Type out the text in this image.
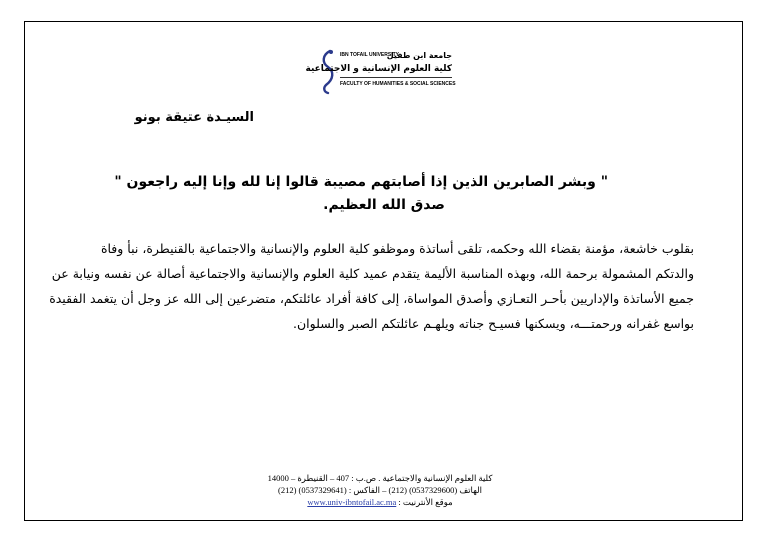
جامعة ابن طفيل
IBN TOFAIL UNIVERSITY
كلية العلوم الإنسانية و الاجتماعية
FACULTY OF HUMANITIES & SOCIAL SCIENCES
السيـدة عتيقة بونو
" وبشر الصابرين الذين إذا أصابتهم مصيبة قالوا إنا لله وإنا إليه راجعون "
صدق الله العظيم.
بقلوب خاشعة، مؤمنة بقضاء الله وحكمه، تلقى أساتذة وموظفو كلية العلوم والإنسانية والاجتماعية بالقنيطرة، نبأ وفاة
والدتكم المشمولة برحمة الله، وبهذه المناسبة الأليمة يتقدم عميد كلية العلوم والإنسانية والاجتماعية أصالة عن نفسه ونيابة عن
جميع الأساتذة والإداريين بأحـر التعـازي وأصدق المواساة، إلى كافة أفراد عائلتكم، متضرعين إلى الله عز وجل أن يتغمد الفقيدة
بواسع غفرانه ورحمتـــه، ويسكنها فسيـح جناته ويلهـم عائلتكم الصبر والسلوان.
كلية العلوم الإنسانية والاجتماعية . ص.ب : 407 – القنيطرة – 14000
الهاتف (0537329600) (212) – الفاكس : (0537329641) (212)
موقع الأنترنيت : www.univ-ibntofail.ac.ma
